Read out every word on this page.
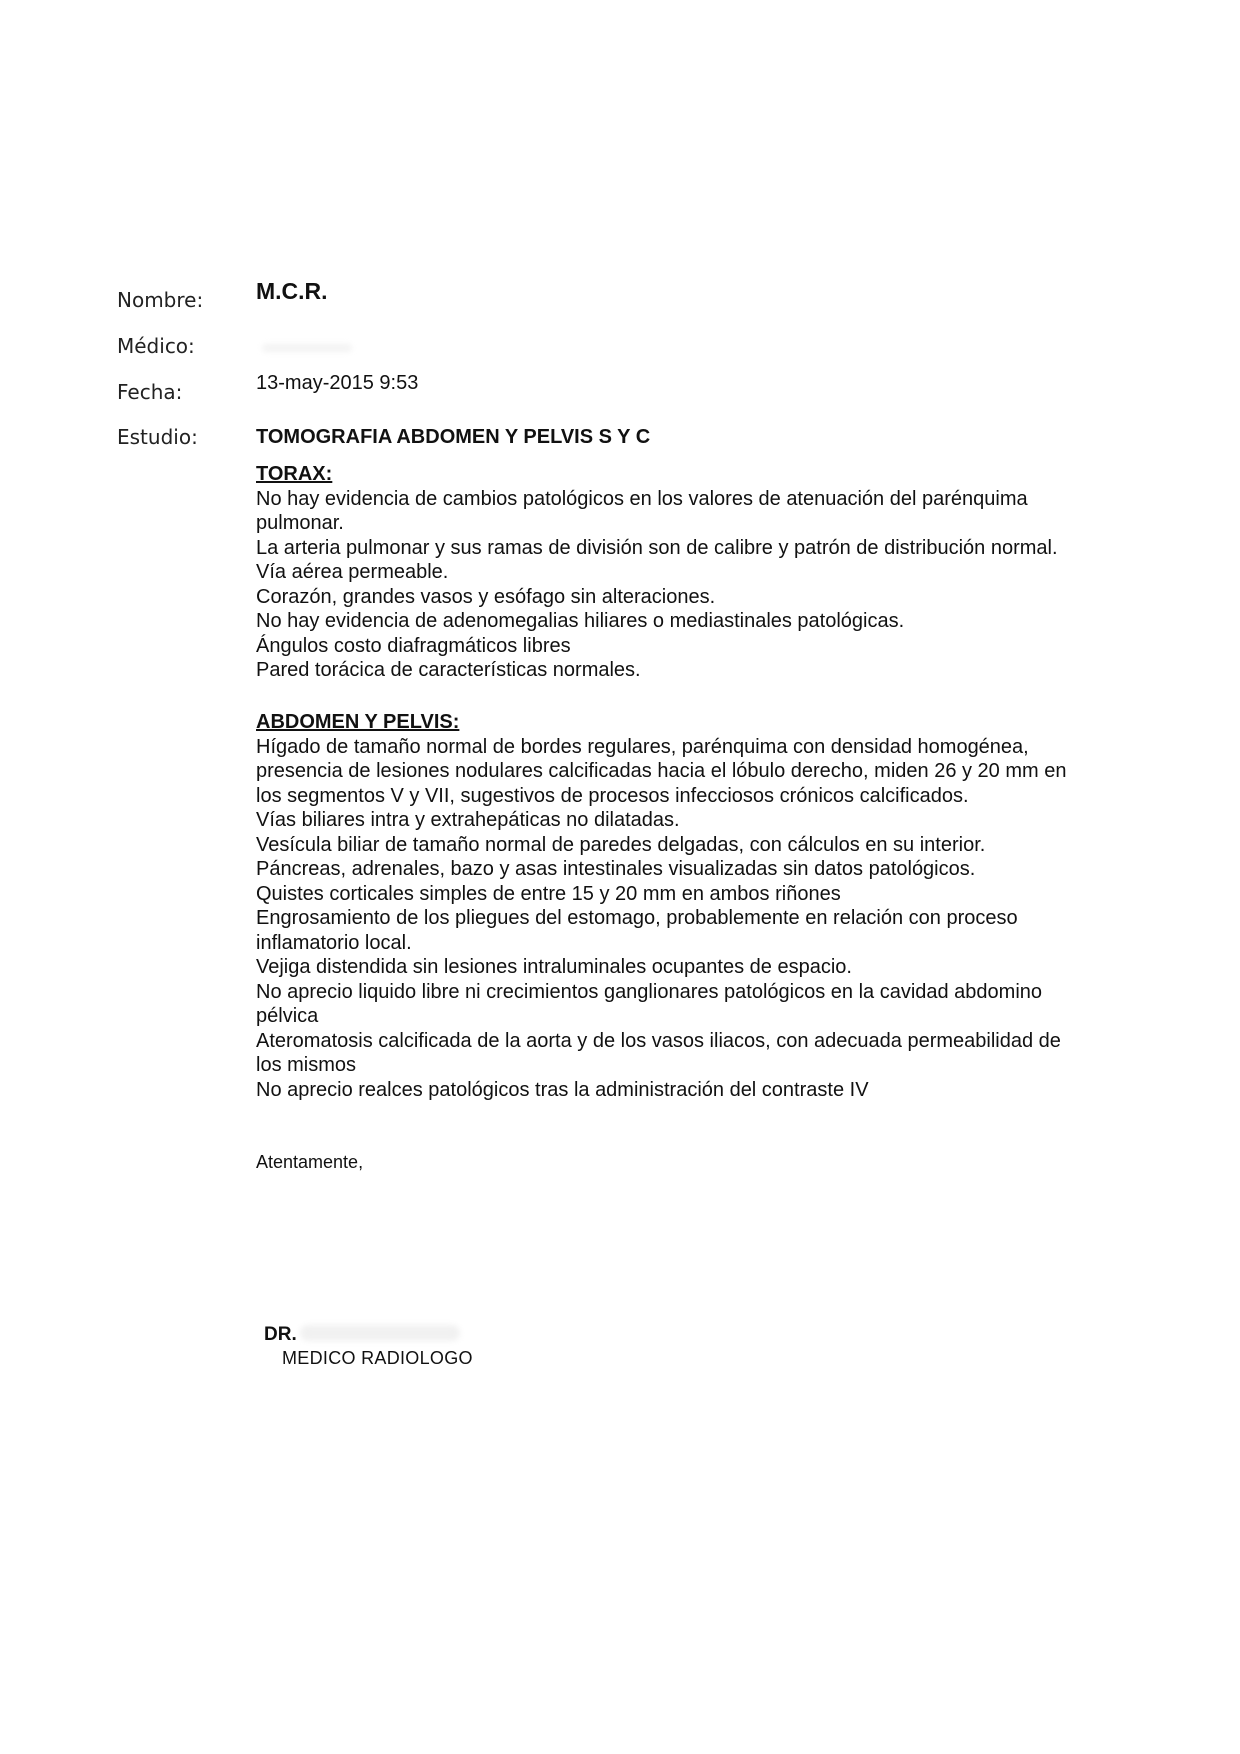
Nombre: M.C.R.
Médico:
Fecha:	13-may-2015 9:53
Estudio:	TOMOGRAFIA ABDOMEN Y PELVIS S Y C
TORAX:
No hay evidencia de cambios patológicos en los valores de atenuación del parénquima
pulmonar.
La arteria pulmonar y sus ramas de división son de calibre y patrón de distribución normal.
Vía aérea permeable.
Corazón, grandes vasos y esófago sin alteraciones.
No hay evidencia de adenomegalias hiliares o mediastinales patológicas.
Ángulos costo diafragmáticos libres
Pared torácica de características normales.
ABDOMEN Y PELVIS:
Hígado de tamaño normal de bordes regulares, parénquima con densidad homogénea,
presencia de lesiones nodulares calcificadas hacia el lóbulo derecho, miden 26 y 20 mm en
los segmentos V y VII, sugestivos de procesos infecciosos crónicos calcificados.
Vías biliares intra y extrahepáticas no dilatadas.
Vesícula biliar de tamaño normal de paredes delgadas, con cálculos en su interior.
Páncreas, adrenales, bazo y asas intestinales visualizadas sin datos patológicos.
Quistes corticales simples de entre 15 y 20 mm en ambos riñones
Engrosamiento de los pliegues del estomago, probablemente en relación con proceso
inflamatorio local.
Vejiga distendida sin lesiones intraluminales ocupantes de espacio.
No aprecio liquido libre ni crecimientos ganglionares patológicos en la cavidad abdomino
pélvica
Ateromatosis calcificada de la aorta y de los vasos iliacos, con adecuada permeabilidad de
los mismos
No aprecio realces patológicos tras la administración del contraste IV
Atentamente,
DR.
MEDICO RADIOLOGO
